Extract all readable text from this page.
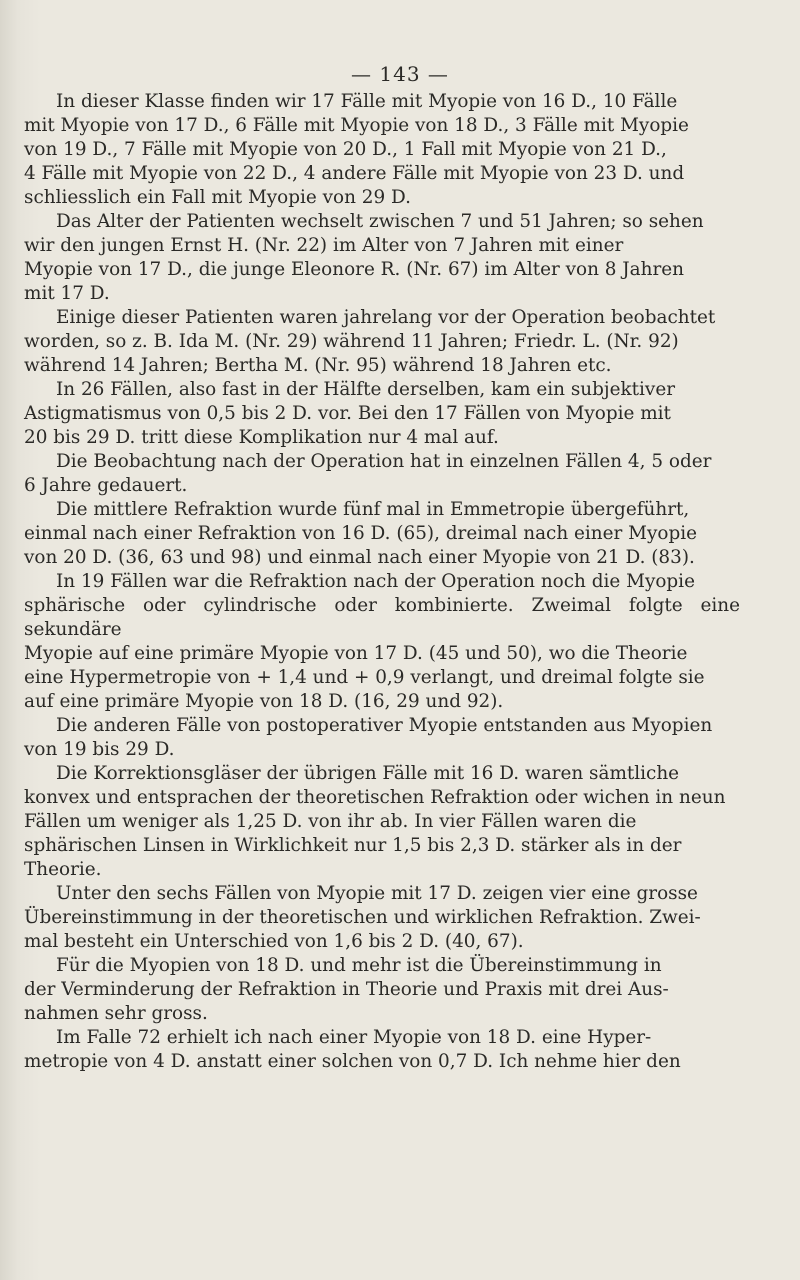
— 143 —

In dieser Klasse finden wir 17 Fälle mit Myopie von 16 D., 10 Fälle
mit Myopie von 17 D., 6 Fälle mit Myopie von 18 D., 3 Fälle mit Myopie
von 19 D., 7 Fälle mit Myopie von 20 D., 1 Fall mit Myopie von 21 D.,
4 Fälle mit Myopie von 22 D., 4 andere Fälle mit Myopie von 23 D. und
schliesslich ein Fall mit Myopie von 29 D.

Das Alter der Patienten wechselt zwischen 7 und 51 Jahren; so sehen
wir den jungen Ernst H. (Nr. 22) im Alter von 7 Jahren mit einer
Myopie von 17 D., die junge Eleonore R. (Nr. 67) im Alter von 8 Jahren
mit 17 D.

Einige dieser Patienten waren jahrelang vor der Operation beobachtet
worden, so z. B. Ida M. (Nr. 29) während 11 Jahren; Friedr. L. (Nr. 92)
während 14 Jahren; Bertha M. (Nr. 95) während 18 Jahren etc.

In 26 Fällen, also fast in der Hälfte derselben, kam ein subjektiver
Astigmatismus von 0,5 bis 2 D. vor. Bei den 17 Fällen von Myopie mit
20 bis 29 D. tritt diese Komplikation nur 4 mal auf.

Die Beobachtung nach der Operation hat in einzelnen Fällen 4, 5 oder
6 Jahre gedauert.

Die mittlere Refraktion wurde fünf mal in Emmetropie übergeführt,
einmal nach einer Refraktion von 16 D. (65), dreimal nach einer Myopie
von 20 D. (36, 63 und 98) und einmal nach einer Myopie von 21 D. (83).

In 19 Fällen war die Refraktion nach der Operation noch die Myopie
sphärische oder cylindrische oder kombinierte. Zweimal folgte eine sekundäre
Myopie auf eine primäre Myopie von 17 D. (45 und 50), wo die Theorie
eine Hypermetropie von + 1,4 und + 0,9 verlangt, und dreimal folgte sie
auf eine primäre Myopie von 18 D. (16, 29 und 92).

Die anderen Fälle von postoperativer Myopie entstanden aus Myopien
von 19 bis 29 D.

Die Korrektionsgläser der übrigen Fälle mit 16 D. waren sämtliche
konvex und entsprachen der theoretischen Refraktion oder wichen in neun
Fällen um weniger als 1,25 D. von ihr ab. In vier Fällen waren die
sphärischen Linsen in Wirklichkeit nur 1,5 bis 2,3 D. stärker als in der
Theorie.

Unter den sechs Fällen von Myopie mit 17 D. zeigen vier eine grosse
Übereinstimmung in der theoretischen und wirklichen Refraktion. Zwei-
mal besteht ein Unterschied von 1,6 bis 2 D. (40, 67).

Für die Myopien von 18 D. und mehr ist die Übereinstimmung in
der Verminderung der Refraktion in Theorie und Praxis mit drei Aus-
nahmen sehr gross.

Im Falle 72 erhielt ich nach einer Myopie von 18 D. eine Hyper-
metropie von 4 D. anstatt einer solchen von 0,7 D. Ich nehme hier den
